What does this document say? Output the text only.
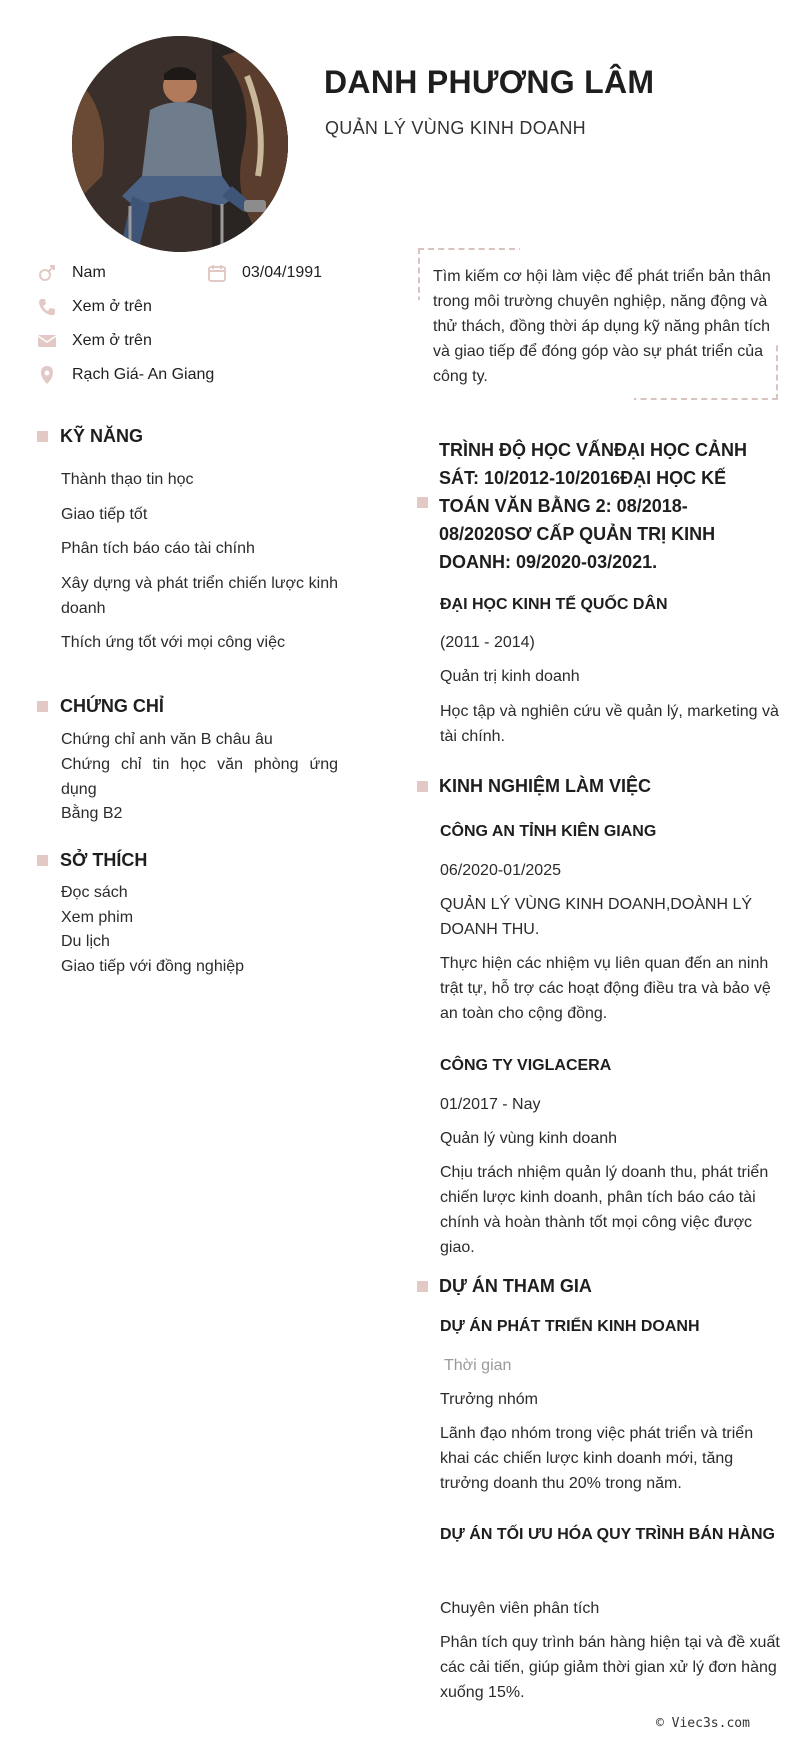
DANH PHƯƠNG LÂM
QUẢN LÝ VÙNG KINH DOANH
Nam	03/04/1991
Xem ở trên
Xem ở trên
Rạch Giá- An Giang
Tìm kiếm cơ hội làm việc để phát triển bản thân trong môi trường chuyên nghiệp, năng động và thử thách, đồng thời áp dụng kỹ năng phân tích và giao tiếp để đóng góp vào sự phát triển của công ty.
KỸ NĂNG
Thành thạo tin học
Giao tiếp tốt
Phân tích báo cáo tài chính
Xây dựng và phát triển chiến lược kinh doanh
Thích ứng tốt với mọi công việc
CHỨNG CHỈ
Chứng chỉ anh văn B châu âu
Chứng chỉ tin học văn phòng ứng dụng
Bằng B2
SỞ THÍCH
Đọc sách
Xem phim
Du lịch
Giao tiếp với đồng nghiệp
TRÌNH ĐỘ HỌC VẤNĐẠI HỌC CẢNH SÁT: 10/2012-10/2016ĐẠI HỌC KẾ TOÁN VĂN BẰNG 2: 08/2018-08/2020SƠ CẤP QUẢN TRỊ KINH DOANH: 09/2020-03/2021.
ĐẠI HỌC KINH TẾ QUỐC DÂN
(2011 - 2014)
Quản trị kinh doanh
Học tập và nghiên cứu về quản lý, marketing và tài chính.
KINH NGHIỆM LÀM VIỆC
CÔNG AN TỈNH KIÊN GIANG
06/2020-01/2025
QUẢN LÝ VÙNG KINH DOANH,DOÀNH LÝ DOANH THU.
Thực hiện các nhiệm vụ liên quan đến an ninh trật tự, hỗ trợ các hoạt động điều tra và bảo vệ an toàn cho cộng đồng.
CÔNG TY VIGLACERA
01/2017 - Nay
Quản lý vùng kinh doanh
Chịu trách nhiệm quản lý doanh thu, phát triển chiến lược kinh doanh, phân tích báo cáo tài chính và hoàn thành tốt mọi công việc được giao.
DỰ ÁN THAM GIA
DỰ ÁN PHÁT TRIỂN KINH DOANH
Thời gian
Trưởng nhóm
Lãnh đạo nhóm trong việc phát triển và triển khai các chiến lược kinh doanh mới, tăng trưởng doanh thu 20% trong năm.
DỰ ÁN TỐI ƯU HÓA QUY TRÌNH BÁN HÀNG
Chuyên viên phân tích
Phân tích quy trình bán hàng hiện tại và đề xuất các cải tiến, giúp giảm thời gian xử lý đơn hàng xuống 15%.
© Viec3s.com
